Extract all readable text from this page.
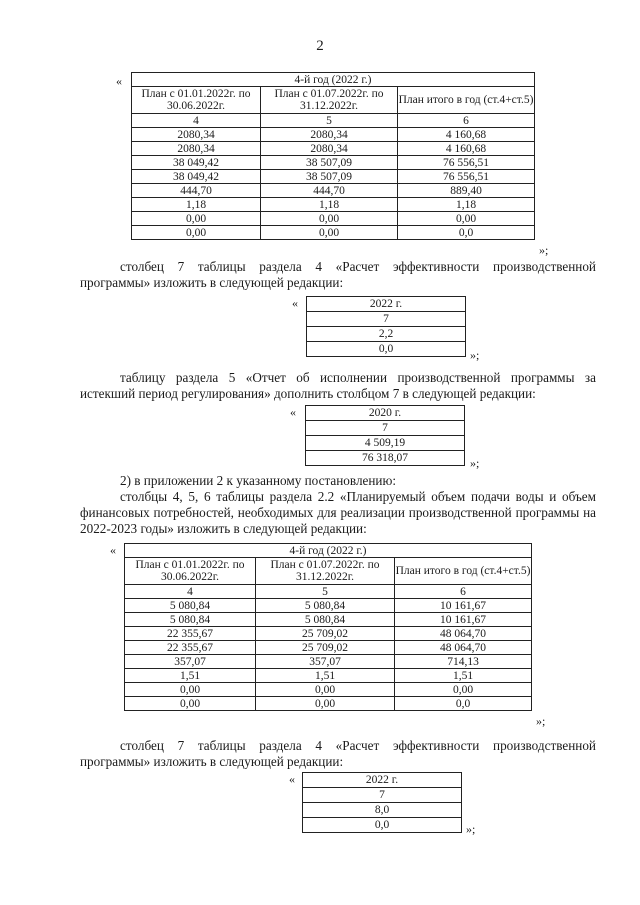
2
«	4-й год (2022 г.)		
План с 01.01.2022г. по 30.06.2022г.	План с 01.07.2022г. по 31.12.2022г.	План итого в год (ст.4+ст.5)
4	5	6
2080,34	2080,34	4 160,68
2080,34	2080,34	4 160,68
38 049,42	38 507,09	76 556,51
38 049,42	38 507,09	76 556,51
444,70	444,70	889,40
1,18	1,18	1,18
0,00	0,00	0,00
0,00	0,00	0,0
»;
столбец 7 таблицы раздела 4 «Расчет эффективности производственной программы» изложить в следующей редакции:
«	2022 г.
7
2,2
0,0	»;
таблицу раздела 5 «Отчет об исполнении производственной программы за истекший период регулирования» дополнить столбцом 7 в следующей редакции:
«	2020 г.
7
4 509,19
76 318,07	»;
2) в приложении 2 к указанному постановлению:
столбцы 4, 5, 6 таблицы раздела 2.2 «Планируемый объем подачи воды и объем финансовых потребностей, необходимых для реализации производственной программы на 2022-2023 годы» изложить в следующей редакции:
«	4-й год (2022 г.)		
План с 01.01.2022г. по 30.06.2022г.	План с 01.07.2022г. по 31.12.2022г.	План итого в год (ст.4+ст.5)
4	5	6
5 080,84	5 080,84	10 161,67
5 080,84	5 080,84	10 161,67
22 355,67	25 709,02	48 064,70
22 355,67	25 709,02	48 064,70
357,07	357,07	714,13
1,51	1,51	1,51
0,00	0,00	0,00
0,00	0,00	0,0
»;
столбец 7 таблицы раздела 4 «Расчет эффективности производственной программы» изложить в следующей редакции:
«	2022 г.
7
8,0
0,0	»;
